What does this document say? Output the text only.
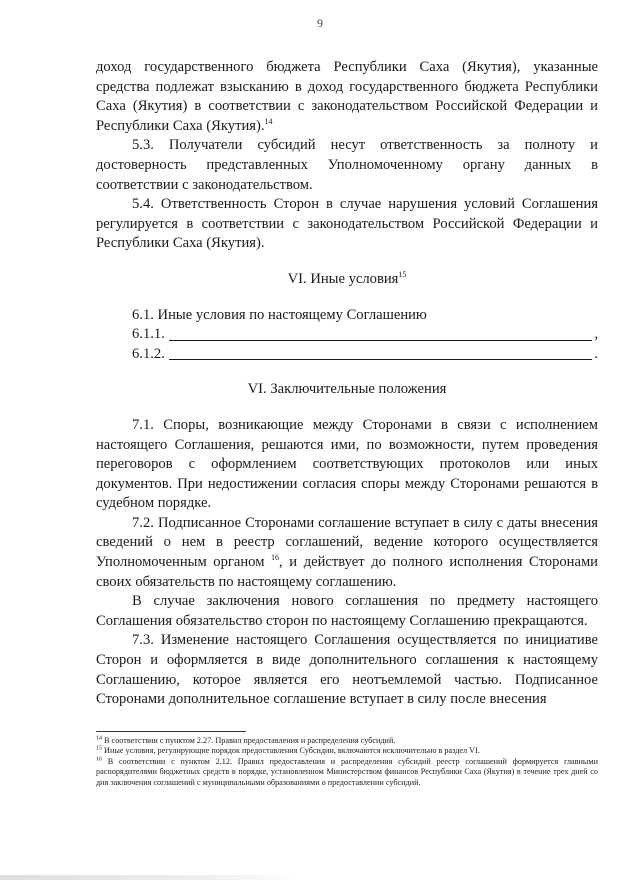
9

доход государственного бюджета Республики Саха (Якутия), указанные средства подлежат взысканию в доход государственного бюджета Республики Саха (Якутия) в соответствии с законодательством Российской Федерации и Республики Саха (Якутия).$^{14}$

5.3. Получатели субсидий несут ответственность за полноту и достоверность представленных Уполномоченному органу данных в соответствии с законодательством.

5.4. Ответственность Сторон в случае нарушения условий Соглашения регулируется в соответствии с законодательством Российской Федерации и Республики Саха (Якутия).

VI. Иные условия$^{15}$

6.1. Иные условия по настоящему Соглашению

6.1.1.	,
6.1.2.	.

VI. Заключительные положения

7.1. Споры, возникающие между Сторонами в связи с исполнением настоящего Соглашения, решаются ими, по возможности, путем проведения переговоров с оформлением соответствующих протоколов или иных документов. При недостижении согласия споры между Сторонами решаются в судебном порядке.

7.2. Подписанное Сторонами соглашение вступает в силу с даты внесения сведений о нем в реестр соглашений, ведение которого осуществляется Уполномоченным органом $^{16}$, и действует до полного исполнения Сторонами своих обязательств по настоящему соглашению.

В случае заключения нового соглашения по предмету настоящего Соглашения обязательство сторон по настоящему Соглашению прекращаются.

7.3. Изменение настоящего Соглашения осуществляется по инициативе Сторон и оформляется в виде дополнительного соглашения к настоящему Соглашению, которое является его неотъемлемой частью. Подписанное Сторонами дополнительное соглашение вступает в силу после внесения

$^{14}$ В соответствии с пунктом 2.27. Правил предоставления и распределения субсидий.

$^{15}$ Иные условия, регулирующие порядок предоставления Субсидии, включаются исключительно в раздел VI.

$^{16}$ В соответствии с пунктом 2.12. Правил предоставления и распределения субсидий реестр соглашений формируется главными распорядителями бюджетных средств в порядке, установленном Министерством финансов Республики Саха (Якутия) в течение трех дней со дня заключения соглашений с муниципальными образованиями о предоставлении субсидий.
